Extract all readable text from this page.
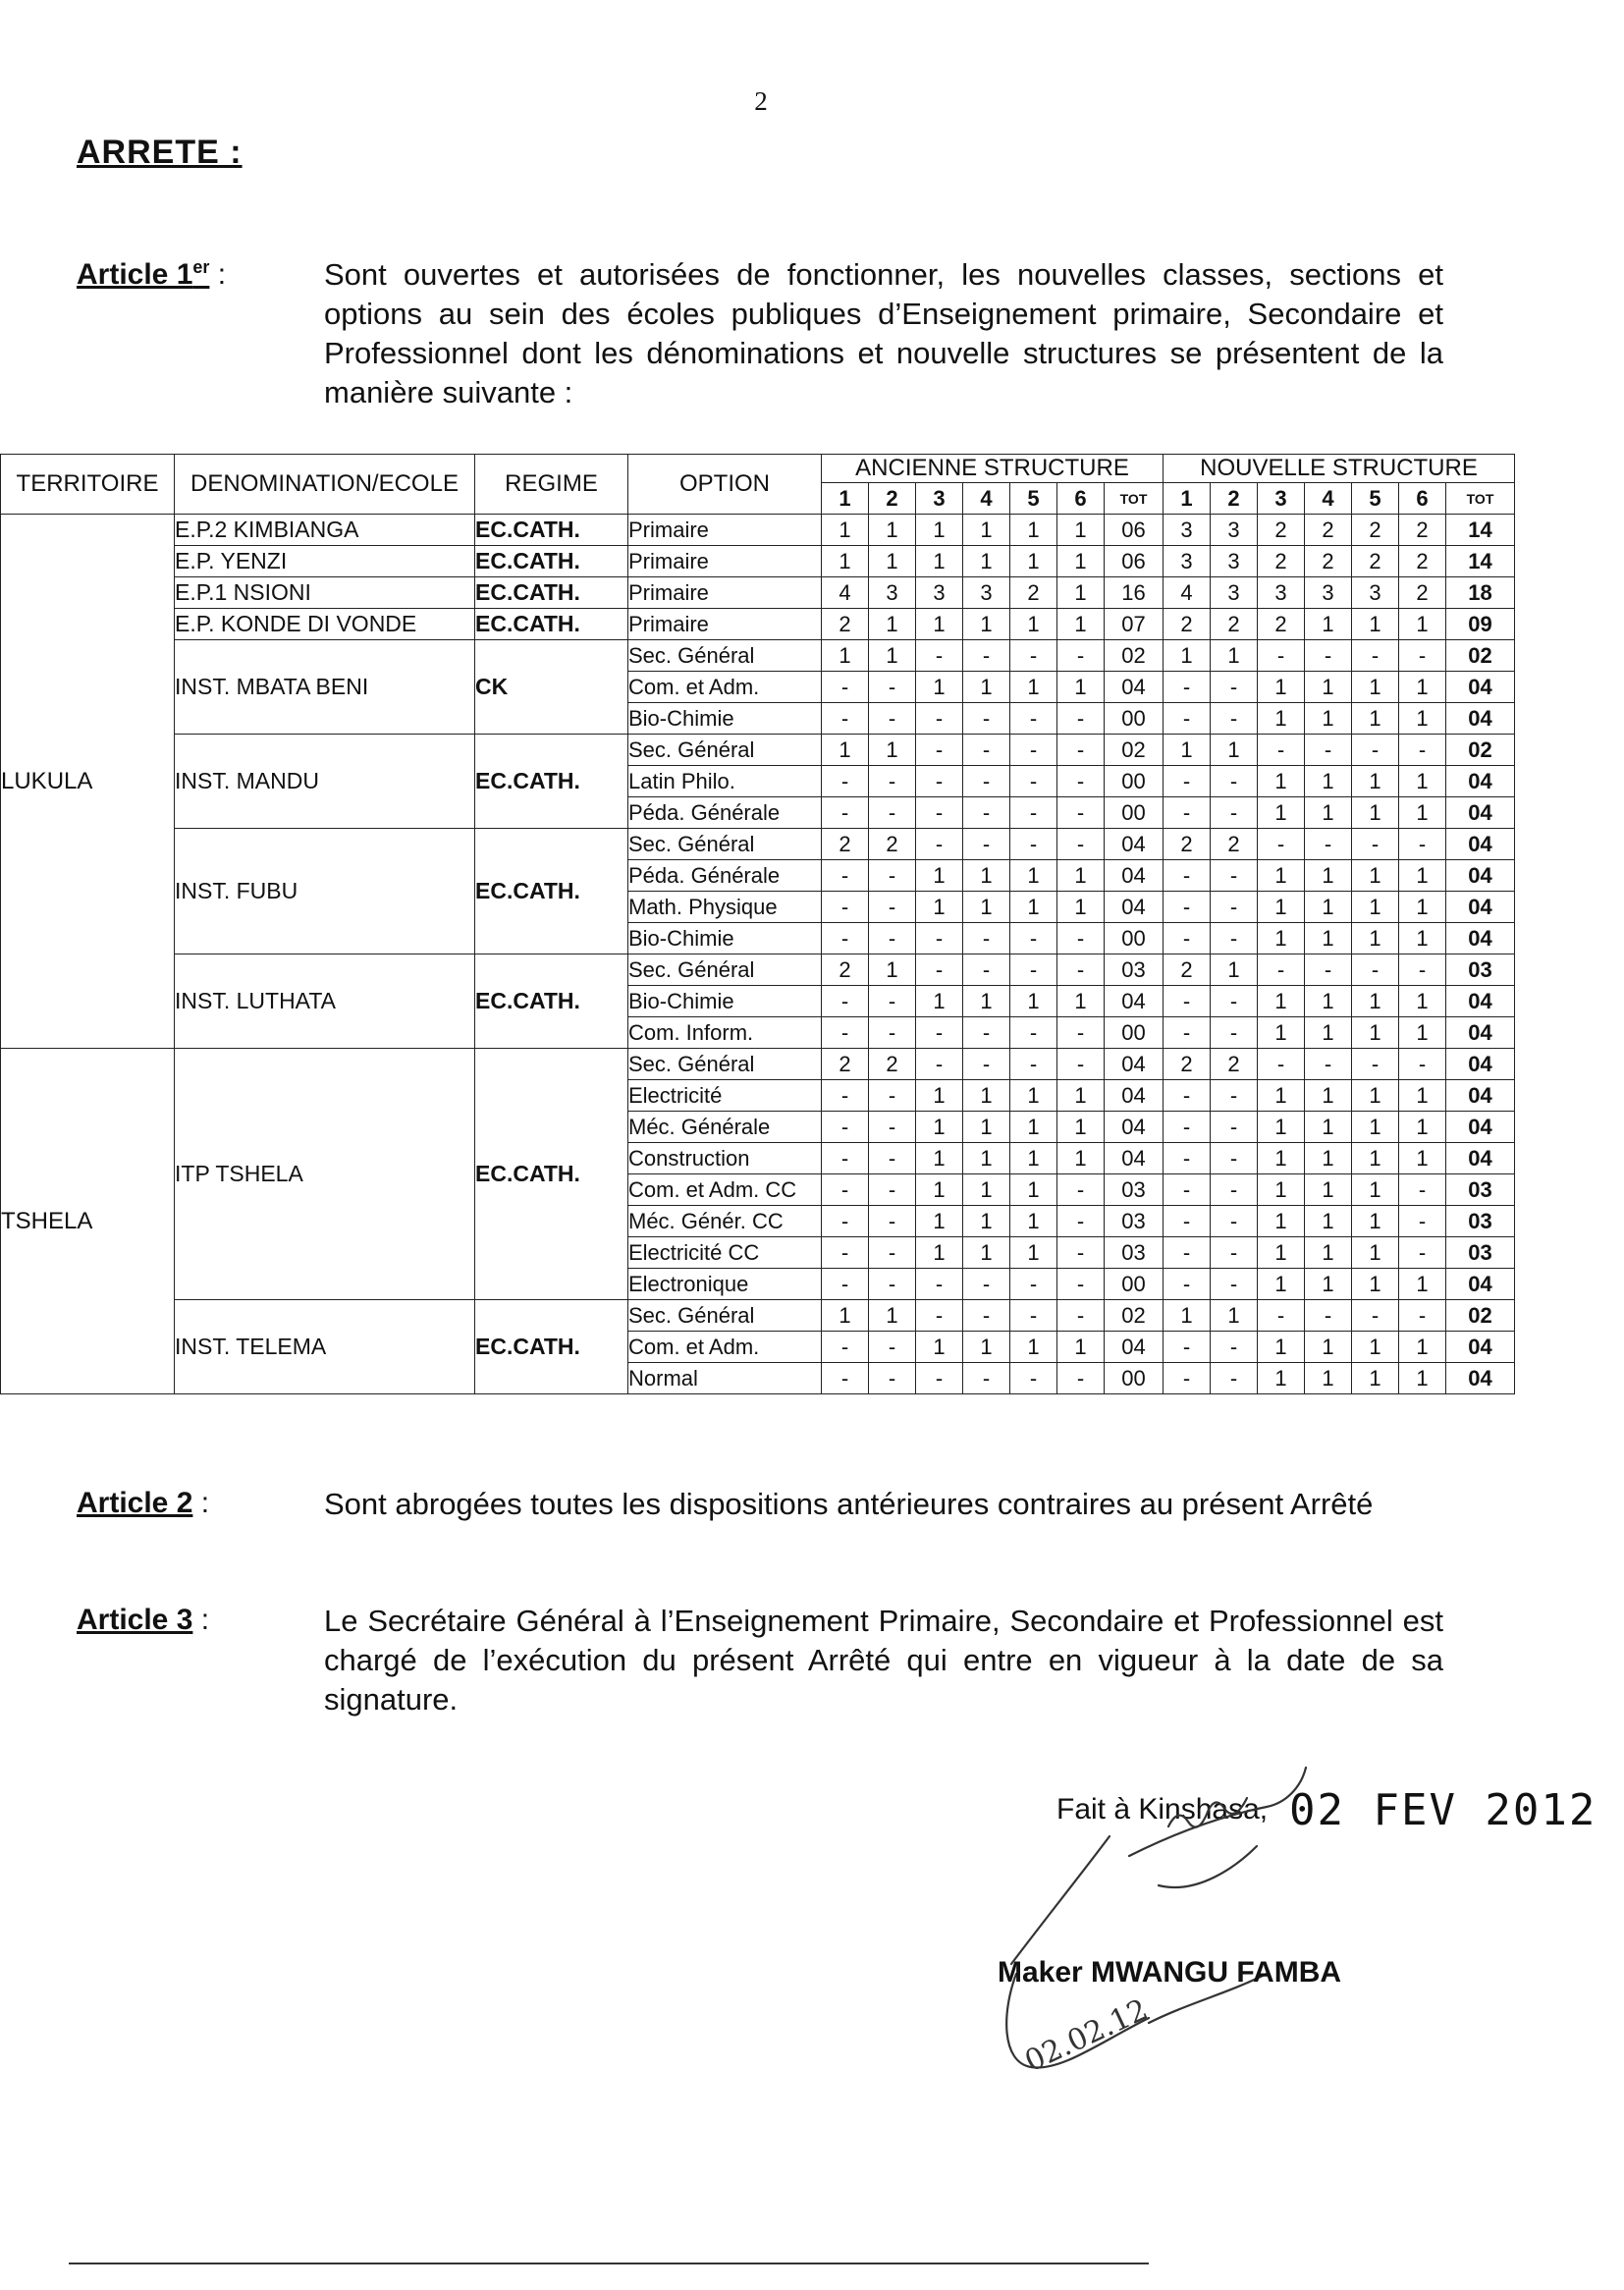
2
ARRETE :
Article 1er :	Sont ouvertes et autorisées de fonctionner, les nouvelles classes, sections et options au sein des écoles publiques d’Enseignement primaire, Secondaire et Professionnel dont les dénominations et nouvelle structures se présentent de la manière suivante :
TERRITOIRE	DENOMINATION/ECOLE	REGIME	OPTION	ANCIENNE STRUCTURE							NOUVELLE STRUCTURE						
				1	2	3	4	5	6	TOT	1	2	3	4	5	6	TOT
LUKULA	E.P.2 KIMBIANGA	EC.CATH.	Primaire	1	1	1	1	1	1	06	3	3	2	2	2	2	14
	E.P. YENZI	EC.CATH.	Primaire	1	1	1	1	1	1	06	3	3	2	2	2	2	14
	E.P.1 NSIONI	EC.CATH.	Primaire	4	3	3	3	2	1	16	4	3	3	3	3	2	18
	E.P. KONDE DI VONDE	EC.CATH.	Primaire	2	1	1	1	1	1	07	2	2	2	1	1	1	09
	INST. MBATA BENI	CK	Sec. Général	1	1	-	-	-	-	02	1	1	-	-	-	-	02
			Com. et Adm.	-	-	1	1	1	1	04	-	-	1	1	1	1	04
			Bio-Chimie	-	-	-	-	-	-	00	-	-	1	1	1	1	04
	INST. MANDU	EC.CATH.	Sec. Général	1	1	-	-	-	-	02	1	1	-	-	-	-	02
			Latin Philo.	-	-	-	-	-	-	00	-	-	1	1	1	1	04
			Péda. Générale	-	-	-	-	-	-	00	-	-	1	1	1	1	04
	INST. FUBU	EC.CATH.	Sec. Général	2	2	-	-	-	-	04	2	2	-	-	-	-	04
			Péda. Générale	-	-	1	1	1	1	04	-	-	1	1	1	1	04
			Math. Physique	-	-	1	1	1	1	04	-	-	1	1	1	1	04
			Bio-Chimie	-	-	-	-	-	-	00	-	-	1	1	1	1	04
	INST. LUTHATA	EC.CATH.	Sec. Général	2	1	-	-	-	-	03	2	1	-	-	-	-	03
			Bio-Chimie	-	-	1	1	1	1	04	-	-	1	1	1	1	04
			Com. Inform.	-	-	-	-	-	-	00	-	-	1	1	1	1	04
TSHELA	ITP TSHELA	EC.CATH.	Sec. Général	2	2	-	-	-	-	04	2	2	-	-	-	-	04
			Electricité	-	-	1	1	1	1	04	-	-	1	1	1	1	04
			Méc. Générale	-	-	1	1	1	1	04	-	-	1	1	1	1	04
			Construction	-	-	1	1	1	1	04	-	-	1	1	1	1	04
			Com. et Adm. CC	-	-	1	1	1	-	03	-	-	1	1	1	-	03
			Méc. Génér. CC	-	-	1	1	1	-	03	-	-	1	1	1	-	03
			Electricité CC	-	-	1	1	1	-	03	-	-	1	1	1	-	03
			Electronique	-	-	-	-	-	-	00	-	-	1	1	1	1	04
	INST. TELEMA	EC.CATH.	Sec. Général	1	1	-	-	-	-	02	1	1	-	-	-	-	02
			Com. et Adm.	-	-	1	1	1	1	04	-	-	1	1	1	1	04
			Normal	-	-	-	-	-	-	00	-	-	1	1	1	1	04
Article 2 :	Sont abrogées toutes les dispositions antérieures contraires au présent Arrêté
Article 3 :	Le Secrétaire Général à l’Enseignement Primaire, Secondaire et Professionnel est chargé de l’exécution du présent Arrêté qui entre en vigueur à la date de sa signature.
Fait à Kinshasa, 02 FEV 2012
02.02.12
Maker MWANGU FAMBA
